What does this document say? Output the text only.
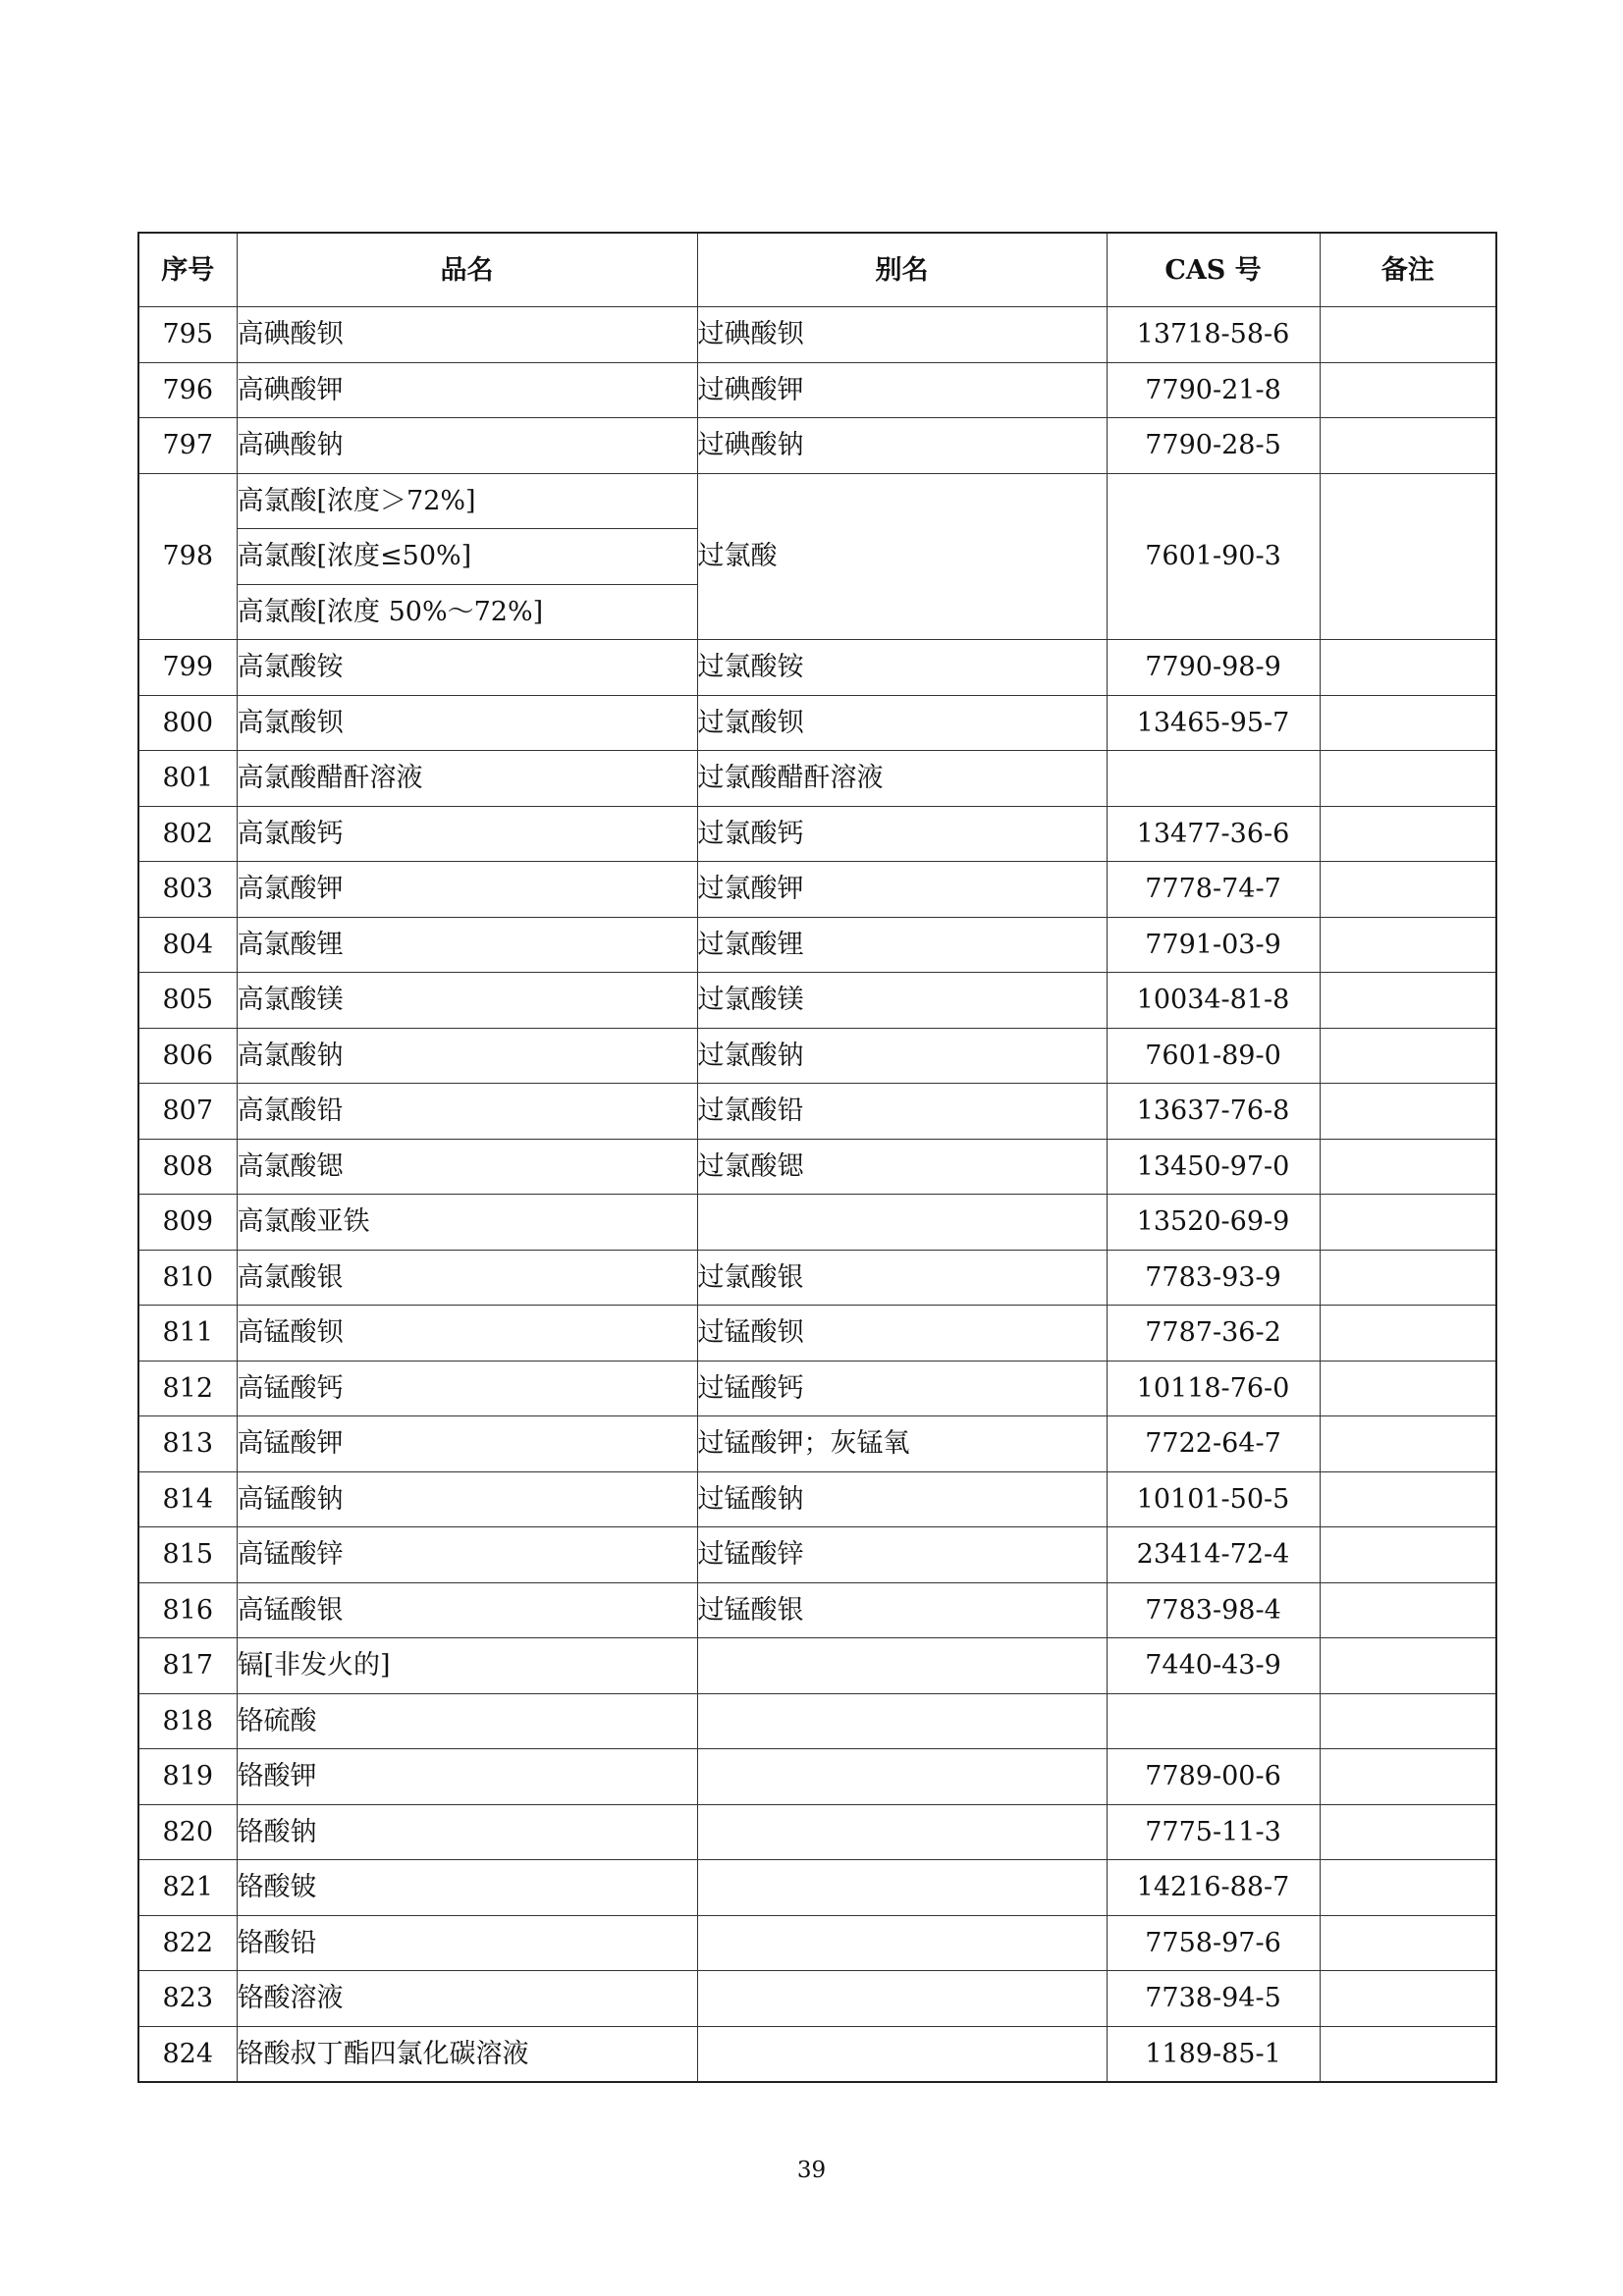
序号	品名	别名	CAS 号	备注
795	高碘酸钡	过碘酸钡	13718-58-6	
796	高碘酸钾	过碘酸钾	7790-21-8	
797	高碘酸钠	过碘酸钠	7790-28-5	
798	高氯酸[浓度＞72%]	过氯酸	7601-90-3	
	高氯酸[浓度≤50%]			
	高氯酸[浓度 50%～72%]			
799	高氯酸铵	过氯酸铵	7790-98-9	
800	高氯酸钡	过氯酸钡	13465-95-7	
801	高氯酸醋酐溶液	过氯酸醋酐溶液		
802	高氯酸钙	过氯酸钙	13477-36-6	
803	高氯酸钾	过氯酸钾	7778-74-7	
804	高氯酸锂	过氯酸锂	7791-03-9	
805	高氯酸镁	过氯酸镁	10034-81-8	
806	高氯酸钠	过氯酸钠	7601-89-0	
807	高氯酸铅	过氯酸铅	13637-76-8	
808	高氯酸锶	过氯酸锶	13450-97-0	
809	高氯酸亚铁		13520-69-9	
810	高氯酸银	过氯酸银	7783-93-9	
811	高锰酸钡	过锰酸钡	7787-36-2	
812	高锰酸钙	过锰酸钙	10118-76-0	
813	高锰酸钾	过锰酸钾；灰锰氧	7722-64-7	
814	高锰酸钠	过锰酸钠	10101-50-5	
815	高锰酸锌	过锰酸锌	23414-72-4	
816	高锰酸银	过锰酸银	7783-98-4	
817	镉[非发火的]		7440-43-9	
818	铬硫酸			
819	铬酸钾		7789-00-6	
820	铬酸钠		7775-11-3	
821	铬酸铍		14216-88-7	
822	铬酸铅		7758-97-6	
823	铬酸溶液		7738-94-5	
824	铬酸叔丁酯四氯化碳溶液		1189-85-1	
39
